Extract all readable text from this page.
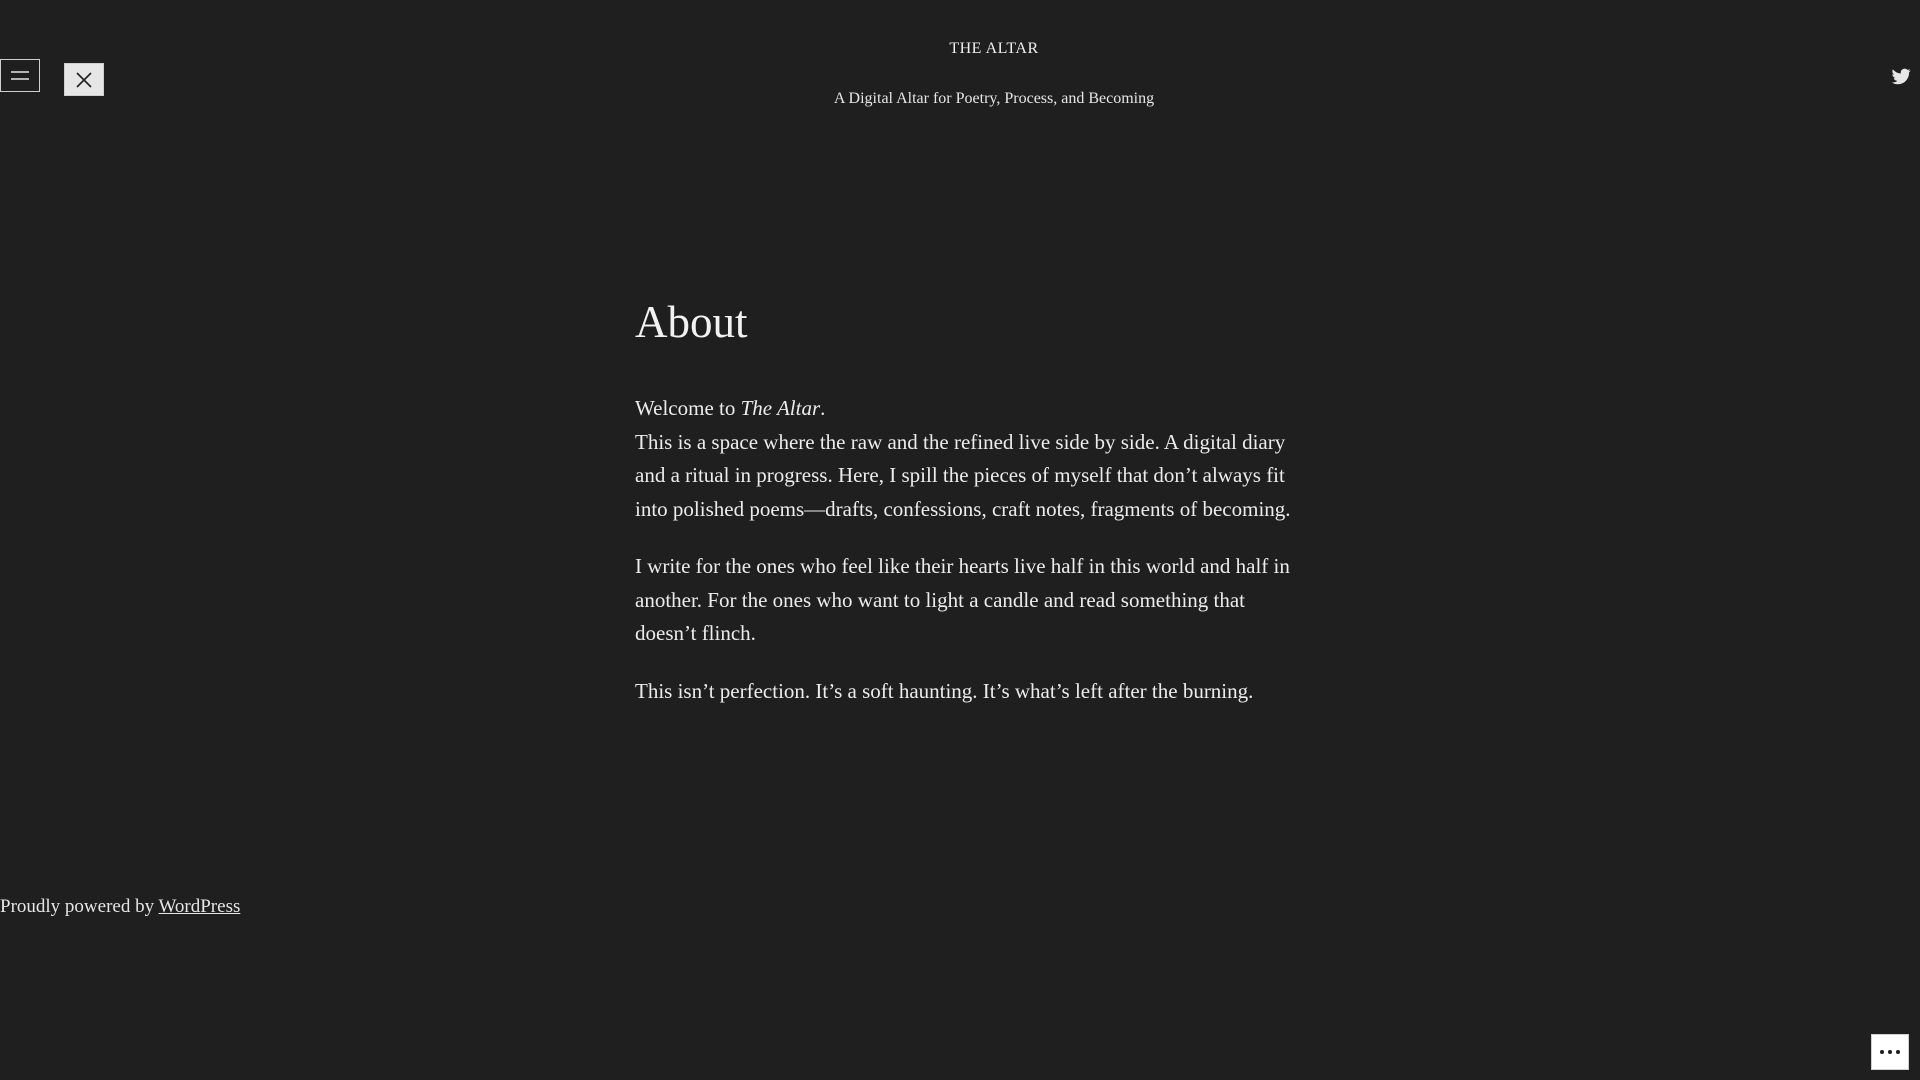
THE ALTAR
A Digital Altar for Poetry, Process, and Becoming
About

Welcome to The Altar.
This is a space where the raw and the refined live side by side. A digital diary and a ritual in progress. Here, I spill the pieces of myself that don’t always fit into polished poems—drafts, confessions, craft notes, fragments of becoming.

I write for the ones who feel like their hearts live half in this world and half in another. For the ones who want to light a candle and read something that doesn’t flinch.

This isn’t perfection. It’s a soft haunting. It’s what’s left after the burning.

Proudly powered by WordPress
